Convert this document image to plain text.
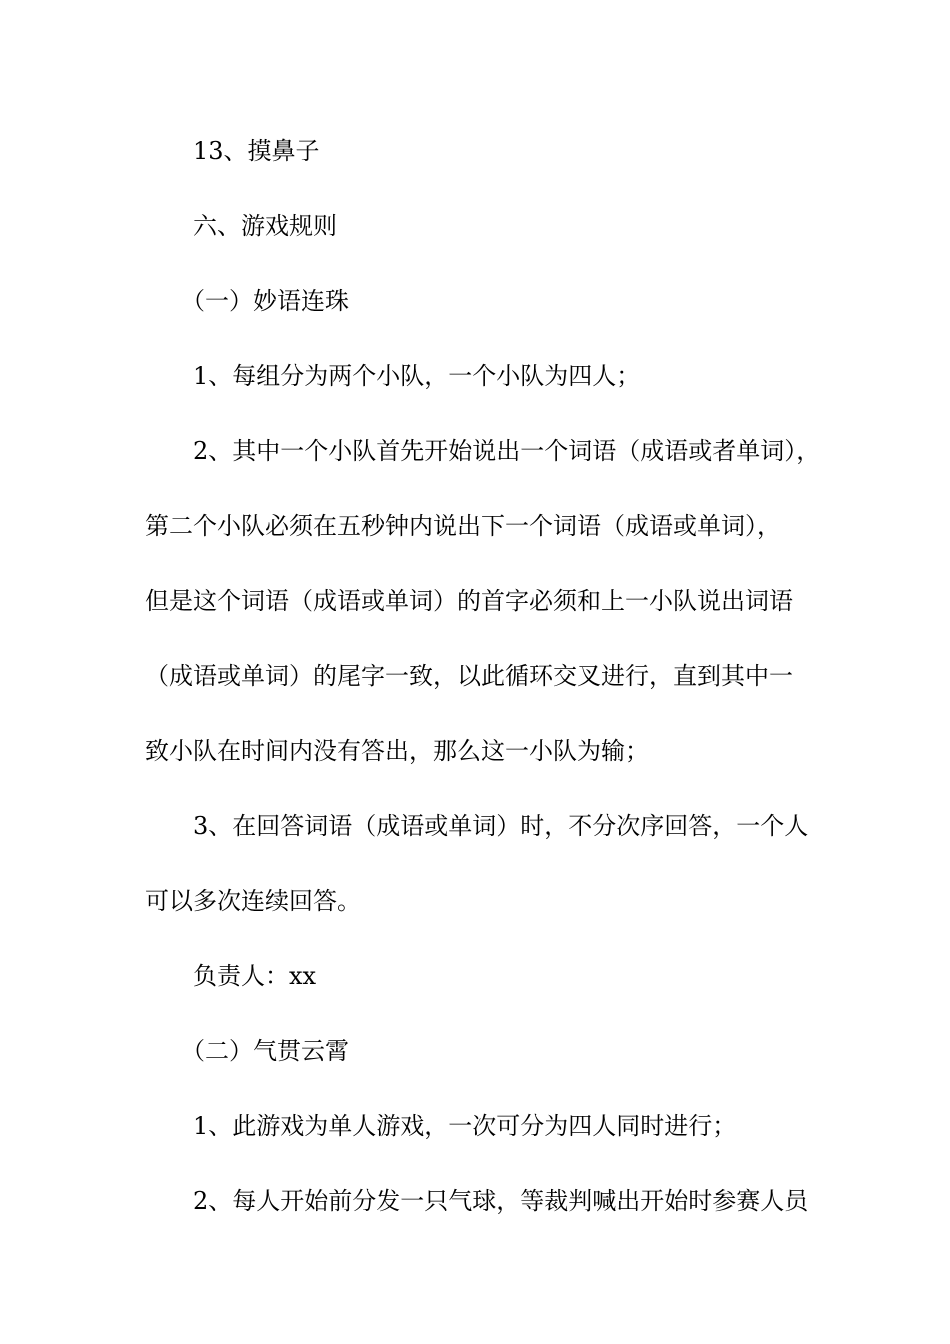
13、摸鼻子
六、游戏规则
（一）妙语连珠
1、每组分为两个小队，一个小队为四人；
2、其中一个小队首先开始说出一个词语（成语或者单词），
第二个小队必须在五秒钟内说出下一个词语（成语或单词），
但是这个词语（成语或单词）的首字必须和上一小队说出词语
（成语或单词）的尾字一致，以此循环交叉进行，直到其中一
致小队在时间内没有答出，那么这一小队为输；
3、在回答词语（成语或单词）时，不分次序回答，一个人
可以多次连续回答。
负责人：xx
（二）气贯云霄
1、此游戏为单人游戏，一次可分为四人同时进行；
2、每人开始前分发一只气球，等裁判喊出开始时参赛人员
